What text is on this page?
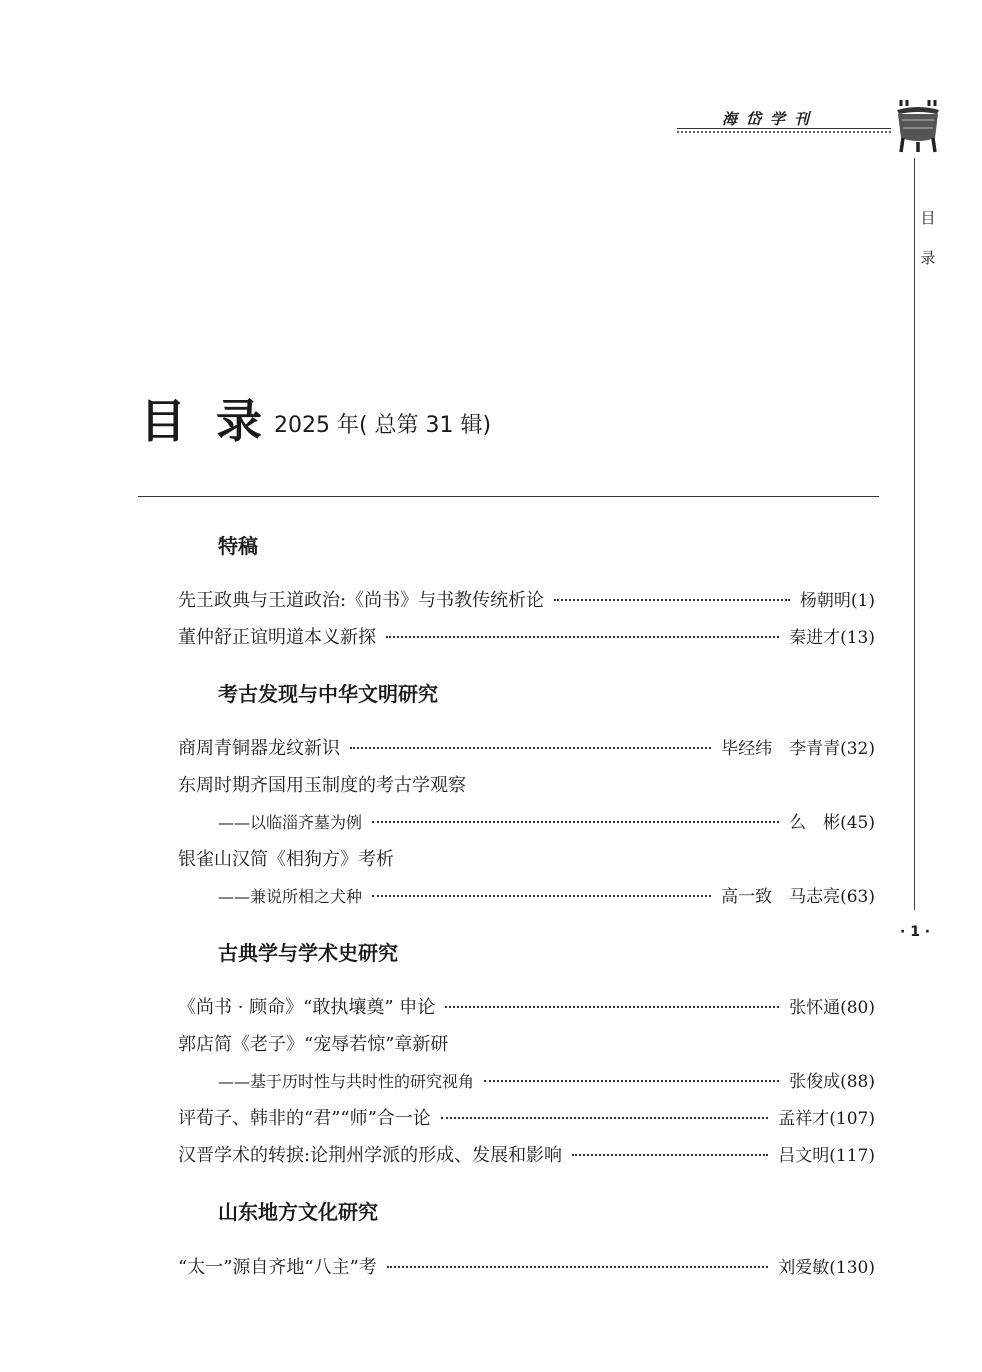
海岱学刊
目
录
· 1 ·
目录
2025 年( 总第 31 辑)
特稿
先王政典与王道政治:《尚书》与书教传统析论	杨朝明(1)
董仲舒正谊明道本义新探	秦进才(13)
考古发现与中华文明研究
商周青铜器龙纹新识	毕经纬　李青青(32)
东周时期齐国用玉制度的考古学观察
——以临淄齐墓为例	么　彬(45)
银雀山汉简《相狗方》考析
——兼说所相之犬种	高一致　马志亮(63)
古典学与学术史研究
《尚书 · 顾命》“敢执壤奠” 申论	张怀通(80)
郭店简《老子》“宠辱若惊”章新研
——基于历时性与共时性的研究视角	张俊成(88)
评荀子、韩非的“君”“师”合一论	孟祥才(107)
汉晋学术的转捩:论荆州学派的形成、发展和影响	吕文明(117)
山东地方文化研究
“太一”源自齐地“八主”考	刘爱敏(130)
